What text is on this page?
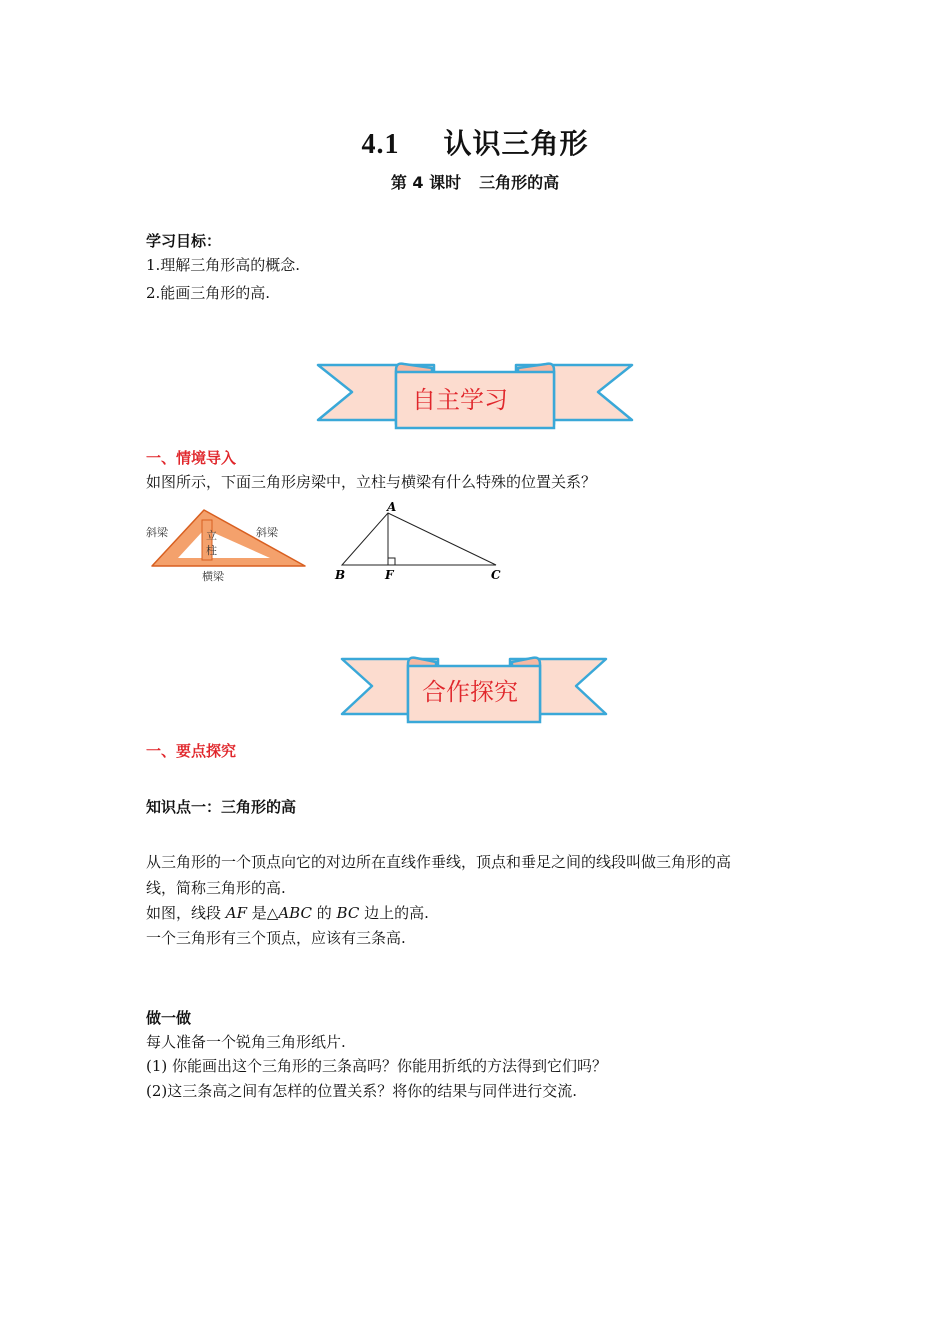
4.1 认识三角形
第 4 课时 三角形的高
学习目标：
1.理解三角形高的概念.
2.能画三角形的高.
自主学习
一、情境导入
如图所示，下面三角形房梁中，立柱与横梁有什么特殊的位置关系？
斜梁	斜梁
立
柱
横梁
A
B	F	C
合作探究
一、要点探究
知识点一：三角形的高
从三角形的一个顶点向它的对边所在直线作垂线，顶点和垂足之间的线段叫做三角形的高
线，简称三角形的高.
如图，线段 AF 是△ABC 的 BC 边上的高.
一个三角形有三个顶点，应该有三条高.
做一做
每人准备一个锐角三角形纸片.
(1) 你能画出这个三角形的三条高吗？你能用折纸的方法得到它们吗？
(2)这三条高之间有怎样的位置关系？将你的结果与同伴进行交流.
